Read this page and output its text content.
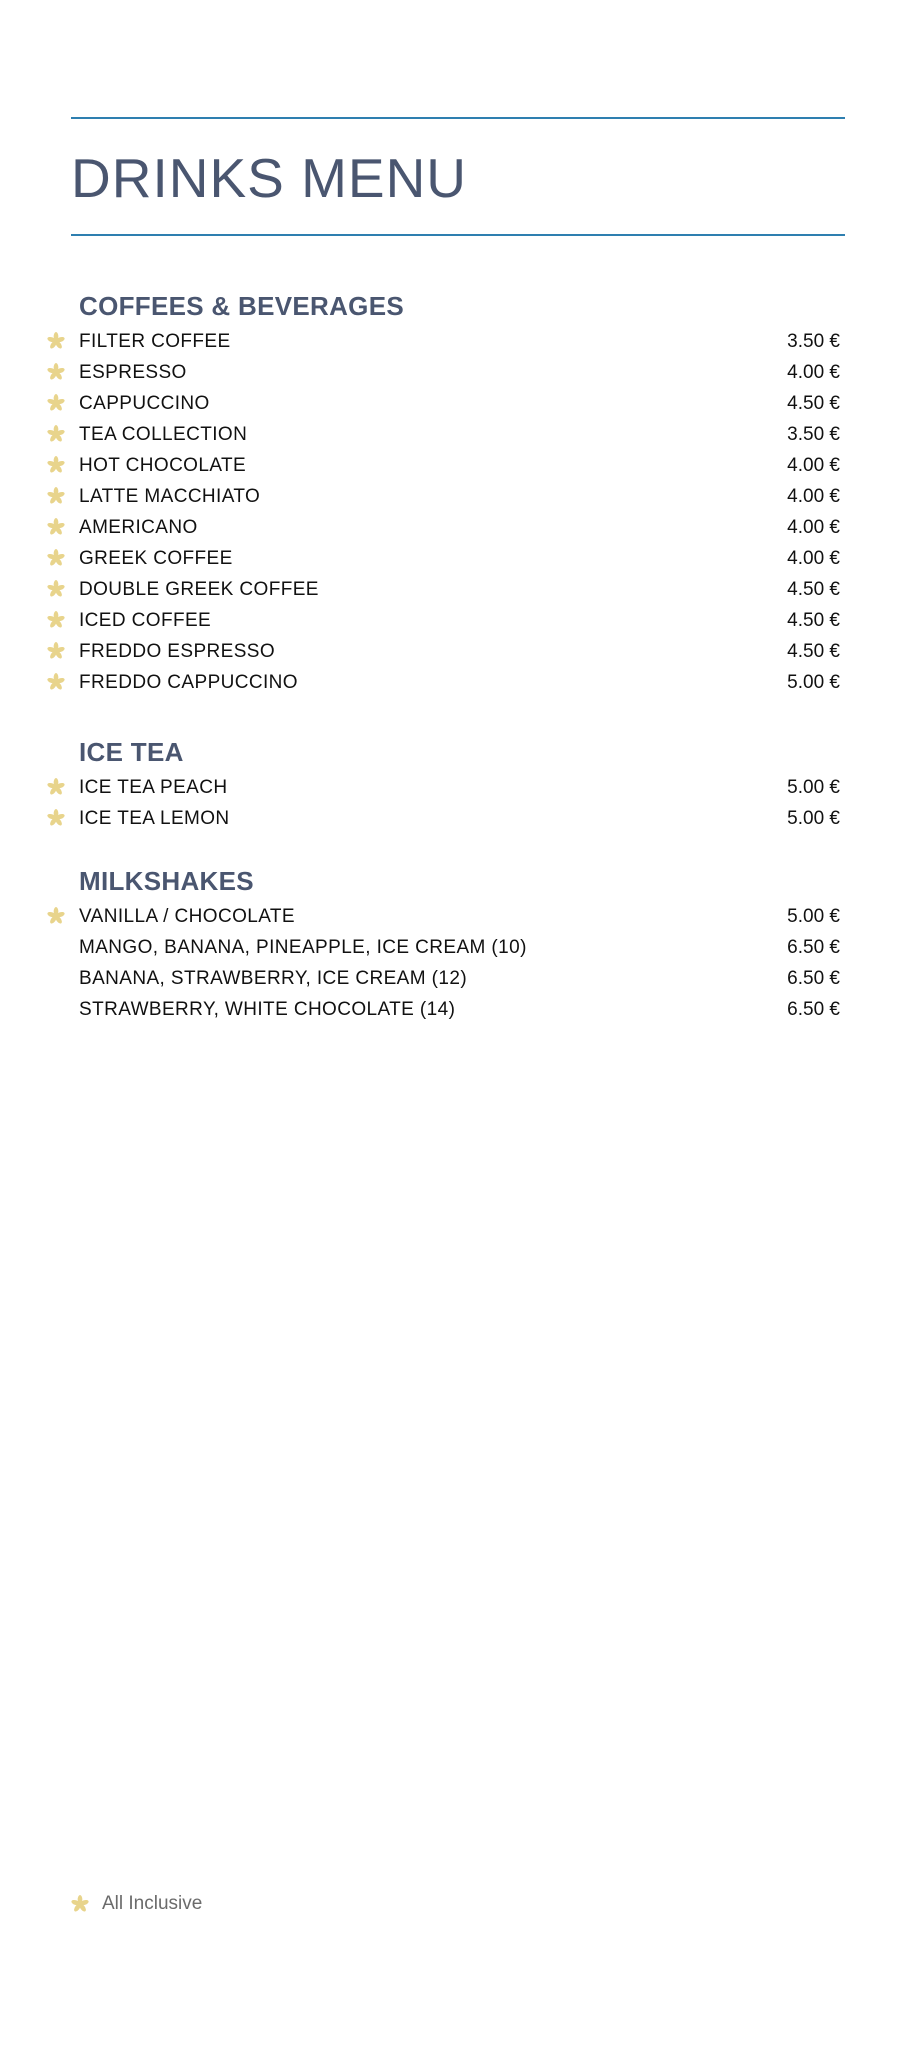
DRINKS MENU
COFFEES & BEVERAGES
FILTER COFFEE	3.50 €
ESPRESSO	4.00 €
CAPPUCCINO	4.50 €
TEA COLLECTION	3.50 €
HOT CHOCOLATE	4.00 €
LATTE MACCHIATO	4.00 €
AMERICANO	4.00 €
GREEK COFFEE	4.00 €
DOUBLE GREEK COFFEE	4.50 €
ICED COFFEE	4.50 €
FREDDO ESPRESSO	4.50 €
FREDDO CAPPUCCINO	5.00 €
ICE TEA
ICE TEA PEACH	5.00 €
ICE TEA LEMON	5.00 €
MILKSHAKES
VANILLA / CHOCOLATE	5.00 €
MANGO, BANANA, PINEAPPLE, ICE CREAM (10)	6.50 €
BANANA, STRAWBERRY, ICE CREAM (12)	6.50 €
STRAWBERRY, WHITE CHOCOLATE (14)	6.50 €
All Inclusive
